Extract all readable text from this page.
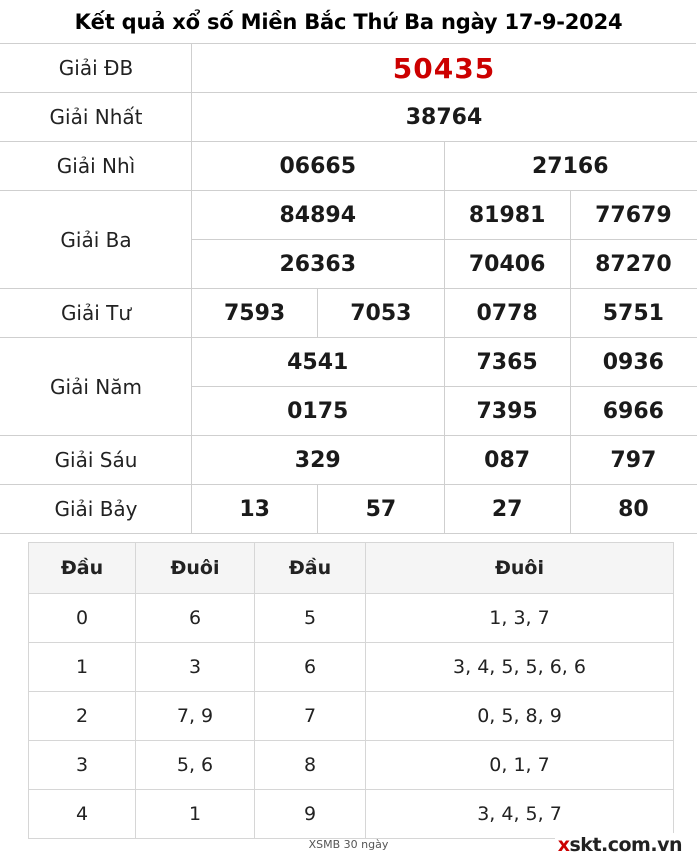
Kết quả xổ số Miền Bắc Thứ Ba ngày 17-9-2024
Giải ĐB	50435			
Giải Nhất	38764			
Giải Nhì	06665		27166	
Giải Ba	84894		81981	77679
	26363		70406	87270
Giải Tư	7593	7053	0778	5751
Giải Năm	4541		7365	0936
	0175		7395	6966
Giải Sáu	329		087	797
Giải Bảy	13	57	27	80
Đầu	Đuôi	Đầu	Đuôi
0	6	5	1, 3, 7
1	3	6	3, 4, 5, 5, 6, 6
2	7, 9	7	0, 5, 8, 9
3	5, 6	8	0, 1, 7
4	1	9	3, 4, 5, 7
XSMB 30 ngày	xskt.com.vn
